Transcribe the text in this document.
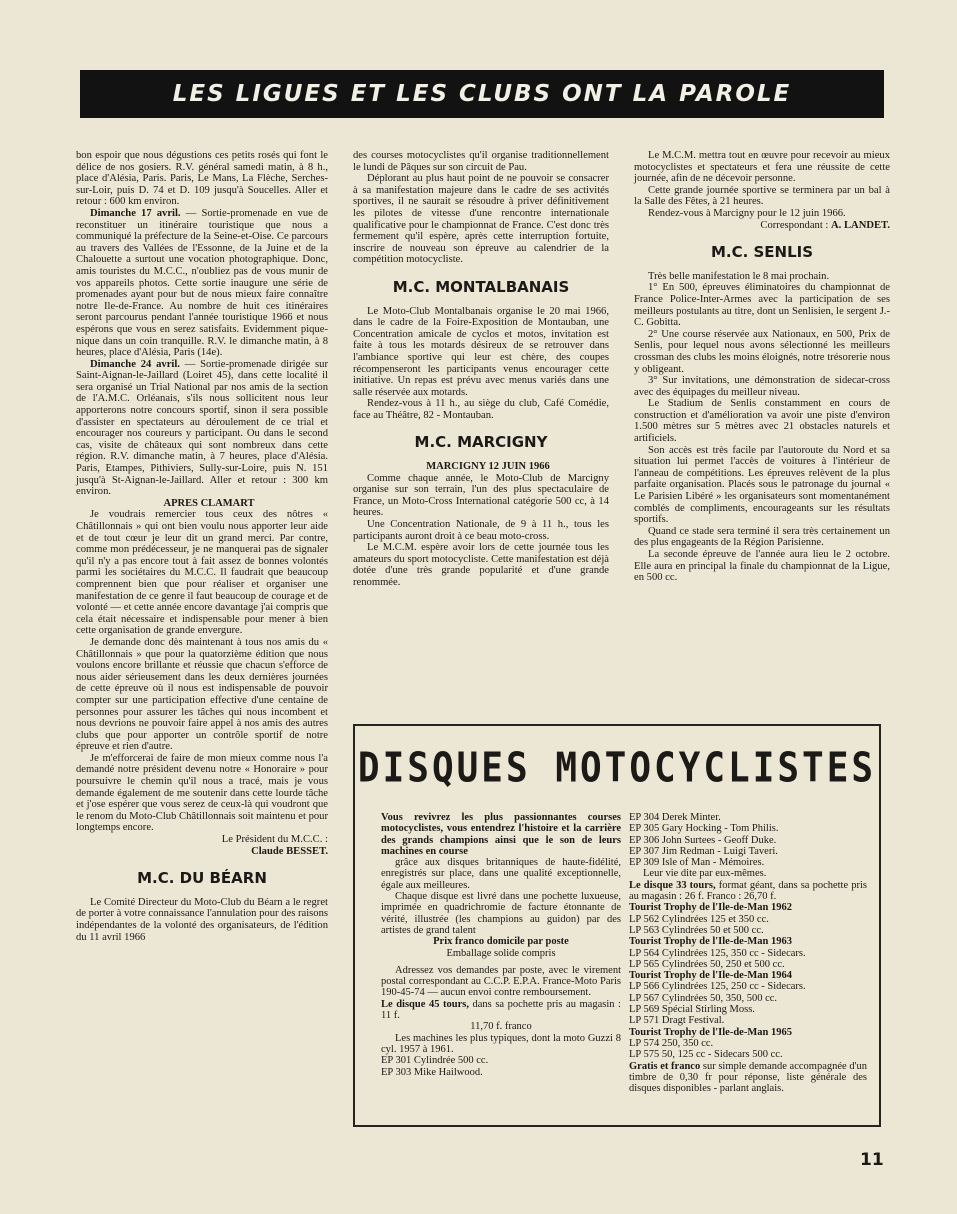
LES LIGUES ET LES CLUBS ONT LA PAROLE

bon espoir que nous dégustions ces petits rosés qui font le délice de nos gosiers. R.V. général samedi matin, à 8 h., place d'Alésia, Paris. Paris, Le Mans, La Flèche, Serches-sur-Loir, puis D. 74 et D. 109 jusqu'à Soucelles. Aller et retour : 600 km environ.

Dimanche 17 avril. — Sortie-promenade en vue de reconstituer un itinéraire touristique que nous a communiqué la préfecture de la Seine-et-Oise. Ce parcours au travers des Vallées de l'Essonne, de la Juine et de la Chalouette a surtout une vocation photographique. Donc, amis touristes du M.C.C., n'oubliez pas de vous munir de vos appareils photos. Cette sortie inaugure une série de promenades ayant pour but de nous mieux faire connaître notre Ile-de-France. Au nombre de huit ces itinéraires seront parcourus pendant l'année touristique 1966 et nous espérons que vous en serez satisfaits. Evidemment pique-nique dans un coin tranquille. R.V. le dimanche matin, à 8 heures, place d'Alésia, Paris (14e).

Dimanche 24 avril. — Sortie-promenade dirigée sur Saint-Aignan-le-Jaillard (Loiret 45), dans cette localité il sera organisé un Trial National par nos amis de la section de l'A.M.C. Orléanais, s'ils nous sollicitent nous leur apporterons notre concours sportif, sinon il sera possible d'assister en spectateurs au déroulement de ce trial et encourager nos coureurs y participant. Ou dans le second cas, visite de châteaux qui sont nombreux dans cette région. R.V. dimanche matin, à 7 heures, place d'Alésia. Paris, Etampes, Pithiviers, Sully-sur-Loire, puis N. 151 jusqu'à St-Aignan-le-Jaillard. Aller et retour : 300 km environ.

APRES CLAMART

Je voudrais remercier tous ceux des nôtres « Châtillonnais » qui ont bien voulu nous apporter leur aide et de tout cœur je leur dit un grand merci. Par contre, comme mon prédécesseur, je ne manquerai pas de signaler qu'il n'y a pas encore tout à fait assez de bonnes volontés parmi les sociétaires du M.C.C. Il faudrait que beaucoup comprennent bien que pour réaliser et organiser une manifestation de ce genre il faut beaucoup de courage et de volonté — et cette année encore davantage j'ai compris que cela était nécessaire et indispensable pour mener à bien cette organisation de grande envergure.

Je demande donc dès maintenant à tous nos amis du « Châtillonnais » que pour la quatorzième édition que nous voulons encore brillante et réussie que chacun s'efforce de nous aider sérieusement dans les deux dernières journées de cette épreuve où il nous est indispensable de pouvoir compter sur une participation effective d'une centaine de personnes pour assurer les tâches qui nous incombent et nous devrions ne pouvoir faire appel à nos amis des autres clubs que pour apporter un contrôle sportif de notre épreuve et rien d'autre.

Je m'efforcerai de faire de mon mieux comme nous l'a demandé notre président devenu notre « Honoraire » pour poursuivre le chemin qu'il nous a tracé, mais je vous demande également de me soutenir dans cette lourde tâche et j'ose espérer que vous serez de ceux-là qui voudront que le renom du Moto-Club Châtillonnais soit maintenu et pour longtemps encore.

Le Président du M.C.C. :

Claude BESSET.

M.C. DU BÉARN

Le Comité Directeur du Moto-Club du Béarn a le regret de porter à votre connaissance l'annulation pour des raisons indépendantes de la volonté des organisateurs, de l'édition du 11 avril 1966

des courses motocyclistes qu'il organise traditionnellement le lundi de Pâques sur son circuit de Pau.

Déplorant au plus haut point de ne pouvoir se consacrer à sa manifestation majeure dans le cadre de ses activités sportives, il ne saurait se résoudre à priver définitivement les pilotes de vitesse d'une rencontre internationale qualificative pour le championnat de France. C'est donc très fermement qu'il espère, après cette interruption fortuite, inscrire de nouveau son épreuve au calendrier de la compétition motocycliste.

M.C. MONTALBANAIS

Le Moto-Club Montalbanais organise le 20 mai 1966, dans le cadre de la Foire-Exposition de Montauban, une Concentration amicale de cyclos et motos, invitation est faite à tous les motards désireux de se retrouver dans l'ambiance sportive qui leur est chère, des coupes récompenseront les participants venus encourager cette initiative. Un repas est prévu avec menus variés dans une salle réservée aux motards.

Rendez-vous à 11 h., au siège du club, Café Comédie, face au Théâtre, 82 - Montauban.

M.C. MARCIGNY

MARCIGNY 12 JUIN 1966

Comme chaque année, le Moto-Club de Marcigny organise sur son terrain, l'un des plus spectaculaire de France, un Moto-Cross International catégorie 500 cc, à 14 heures.

Une Concentration Nationale, de 9 à 11 h., tous les participants auront droit à ce beau moto-cross.

Le M.C.M. espère avoir lors de cette journée tous les amateurs du sport motocycliste. Cette manifestation est déjà dotée d'une très grande popularité et d'une grande renommée.

Le M.C.M. mettra tout en œuvre pour recevoir au mieux motocyclistes et spectateurs et fera une réussite de cette journée, afin de ne décevoir personne.

Cette grande journée sportive se terminera par un bal à la Salle des Fêtes, à 21 heures.

Rendez-vous à Marcigny pour le 12 juin 1966.

Correspondant : A. LANDET.

M.C. SENLIS

Très belle manifestation le 8 mai prochain.

1° En 500, épreuves éliminatoires du championnat de France Police-Inter-Armes avec la participation de ses meilleurs postulants au titre, dont un Senlisien, le sergent J.-C. Gobitta.

2° Une course réservée aux Nationaux, en 500, Prix de Senlis, pour lequel nous avons sélectionné les meilleurs crossman des clubs les moins éloignés, notre trésorerie nous y obligeant.

3° Sur invitations, une démonstration de sidecar-cross avec des équipages du meilleur niveau.

Le Stadium de Senlis constamment en cours de construction et d'amélioration va avoir une piste d'environ 1.500 mètres sur 5 mètres avec 21 obstacles naturels et artificiels.

Son accès est très facile par l'autoroute du Nord et sa situation lui permet l'accès de voitures à l'intérieur de l'anneau de compétitions. Les épreuves relèvent de la plus parfaite organisation. Placés sous le patronage du journal « Le Parisien Libéré » les organisateurs sont momentanément comblés de compliments, encourageants sur les résultats sportifs.

Quand ce stade sera terminé il sera très certainement un des plus engageants de la Région Parisienne.

La seconde épreuve de l'année aura lieu le 2 octobre. Elle aura en principal la finale du championnat de la Ligue, en 500 cc.

DISQUES MOTOCYCLISTES

Vous revivrez les plus passionnantes courses motocyclistes, vous entendrez l'histoire et la carrière des grands champions ainsi que le son de leurs machines en course

grâce aux disques britanniques de haute-fidélité, enregistrés sur place, dans une qualité exceptionnelle, égale aux meilleures.

Chaque disque est livré dans une pochette luxueuse, imprimée en quadrichromie de facture étonnante de vérité, illustrée (les champions au guidon) par des artistes de grand talent

Prix franco domicile par poste

Emballage solide compris

Adressez vos demandes par poste, avec le virement postal correspondant au C.C.P. E.P.A. France-Moto Paris 190-45-74 — aucun envoi contre remboursement.

Le disque 45 tours, dans sa pochette pris au magasin : 11 f.

11,70 f. franco

Les machines les plus typiques, dont la moto Guzzi 8 cyl. 1957 à 1961.

EP 301 Cylindrée 500 cc.

EP 303 Mike Hailwood.

EP 304 Derek Minter.

EP 305 Gary Hocking - Tom Philis.

EP 306 John Surtees - Geoff Duke.

EP 307 Jim Redman - Luigi Taveri.

EP 309 Isle of Man - Mémoires.

Leur vie dite par eux-mêmes.

Le disque 33 tours, format géant, dans sa pochette pris au magasin : 26 f. Franco : 26,70 f.

Tourist Trophy de l'Ile-de-Man 1962

LP 562 Cylindrées 125 et 350 cc.

LP 563 Cylindrées 50 et 500 cc.

Tourist Trophy de l'Ile-de-Man 1963

LP 564 Cylindrées 125, 350 cc - Sidecars.

LP 565 Cylindrées 50, 250 et 500 cc.

Tourist Trophy de l'Ile-de-Man 1964

LP 566 Cylindrées 125, 250 cc - Sidecars.

LP 567 Cylindrées 50, 350, 500 cc.

LP 569 Spécial Stirling Moss.

LP 571 Dragt Festival.

Tourist Trophy de l'Ile-de-Man 1965

LP 574 250, 350 cc.

LP 575 50, 125 cc - Sidecars 500 cc.

Gratis et franco sur simple demande accompagnée d'un timbre de 0,30 fr pour réponse, liste générale des disques disponibles - parlant anglais.

11
